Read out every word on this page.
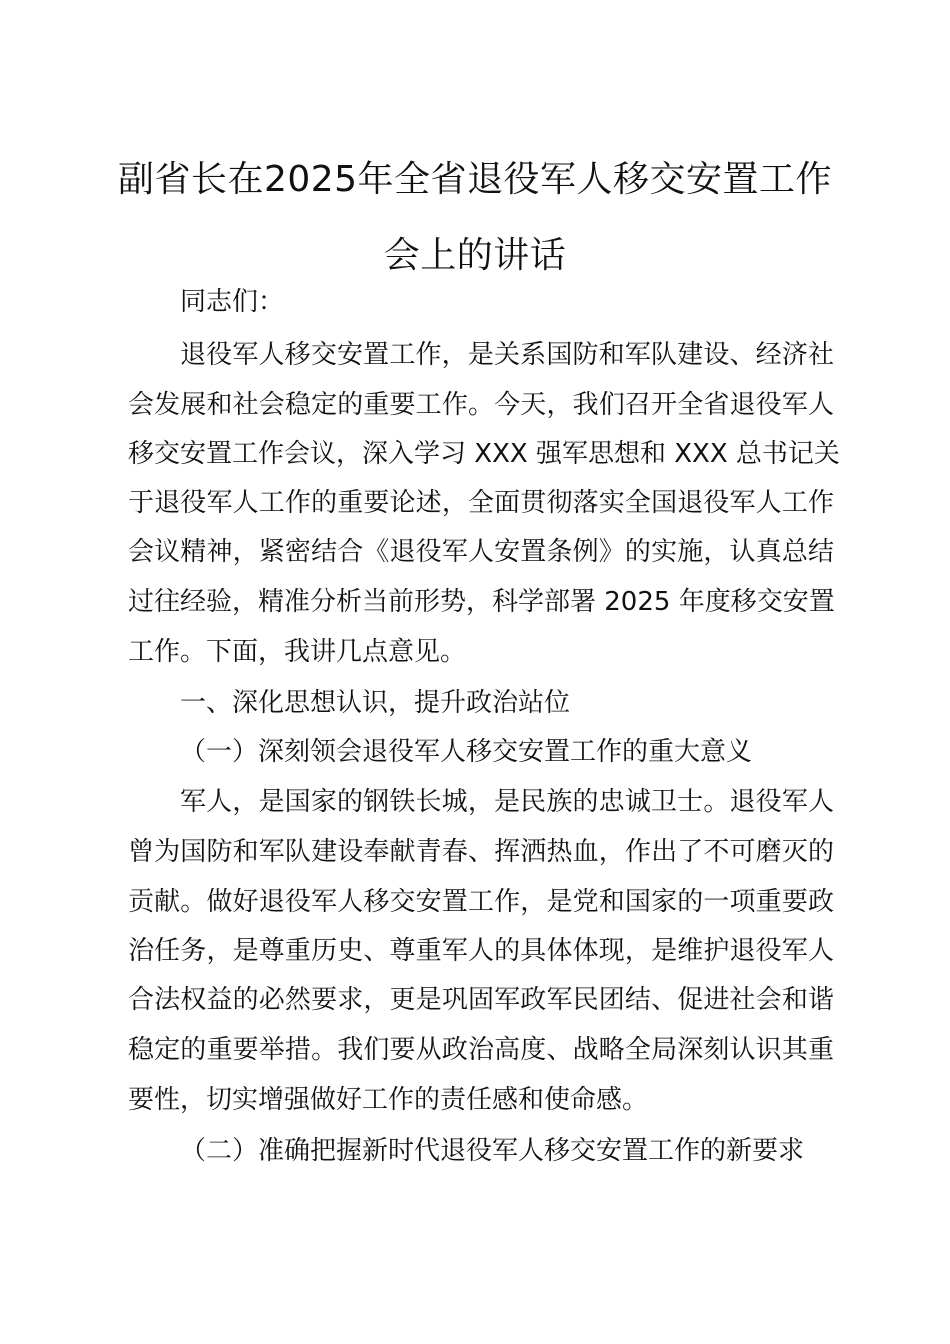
副省长在2025年全省退役军人移交安置工作
会上的讲话
同志们：
退役军人移交安置工作，是关系国防和军队建设、经济社
会发展和社会稳定的重要工作。今天，我们召开全省退役军人
移交安置工作会议，深入学习 XXX 强军思想和 XXX 总书记关
于退役军人工作的重要论述，全面贯彻落实全国退役军人工作
会议精神，紧密结合《退役军人安置条例》的实施，认真总结
过往经验，精准分析当前形势，科学部署 2025 年度移交安置
工作。下面，我讲几点意见。
一、深化思想认识，提升政治站位
（一）深刻领会退役军人移交安置工作的重大意义
军人，是国家的钢铁长城，是民族的忠诚卫士。退役军人
曾为国防和军队建设奉献青春、挥洒热血，作出了不可磨灭的
贡献。做好退役军人移交安置工作，是党和国家的一项重要政
治任务，是尊重历史、尊重军人的具体体现，是维护退役军人
合法权益的必然要求，更是巩固军政军民团结、促进社会和谐
稳定的重要举措。我们要从政治高度、战略全局深刻认识其重
要性，切实增强做好工作的责任感和使命感。
（二）准确把握新时代退役军人移交安置工作的新要求
